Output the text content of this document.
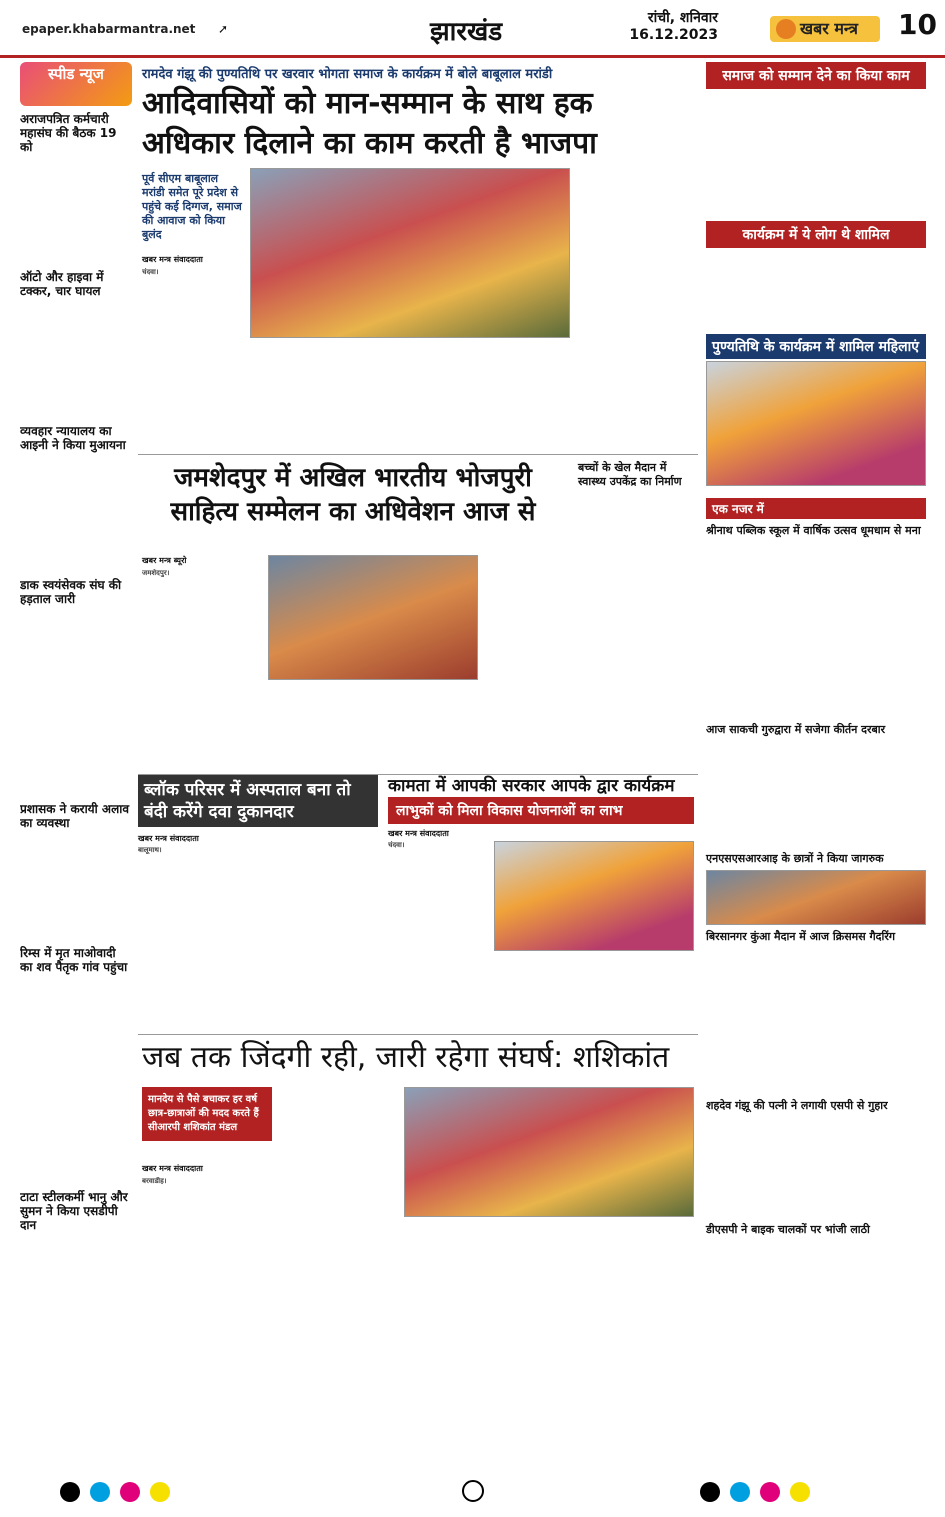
epaper.khabarmantra.net ➚	झारखंड	रांची, शनिवार
16.12.2023	खबर मन्त्र	10
स्पीड न्यूज
अराजपत्रित कर्मचारी महासंघ की बैठक 19 को
ऑटो और हाइवा में टक्कर, चार घायल
व्यवहार न्यायालय का आइनी ने किया मुआयना
डाक स्वयंसेवक संघ की हड़ताल जारी
प्रशासक ने करायी अलाव का व्यवस्था
रिम्स में मृत माओवादी का शव पैतृक गांव पहुंचा
टाटा स्टीलकर्मी भानु और सुमन ने किया एसडीपी दान
रामदेव गंझू की पुण्यतिथि पर खरवार भोगता समाज के कार्यक्रम में बोले बाबूलाल मरांडी
आदिवासियों को मान-सम्मान के साथ हक अधिकार दिलाने का काम करती है भाजपा
पूर्व सीएम बाबूलाल मरांडी समेत पूरे प्रदेश से पहुंचे कई दिग्गज, समाज की आवाज को किया बुलंद
खबर मन्त्र संवाददाता
चंदवा।
जमशेदपुर में अखिल भारतीय भोजपुरी साहित्य सम्मेलन का अधिवेशन आज से
खबर मन्त्र ब्यूरो
जमशेदपुर।
बच्चों के खेल मैदान में स्वास्थ्य उपकेंद्र का निर्माण
ब्लॉक परिसर में अस्पताल बना तो बंदी करेंगे दवा दुकानदार
खबर मन्त्र संवाददाता
बालूमाथ।
कामता में आपकी सरकार आपके द्वार कार्यक्रम
लाभुकों को मिला विकास योजनाओं का लाभ
खबर मन्त्र संवाददाता
चंदवा।
जब तक जिंदगी रही, जारी रहेगा संघर्ष: शशिकांत
मानदेय से पैसे बचाकर हर वर्ष छात्र-छात्राओं की मदद करते हैं सीआरपी शशिकांत मंडल
खबर मन्त्र संवाददाता
बरवाडीह।
समाज को सम्मान देने का किया काम
कार्यक्रम में ये लोग थे शामिल
पुण्यतिथि के कार्यक्रम में शामिल महिलाएं
एक नजर में
श्रीनाथ पब्लिक स्कूल में वार्षिक उत्सव धूमधाम से मना
आज साकची गुरुद्वारा में सजेगा कीर्तन दरबार
एनएसएसआरआइ के छात्रों ने किया जागरुक
बिरसानगर कुंआ मैदान में आज क्रिसमस गैदरिंग
शहदेव गंझू की पत्नी ने लगायी एसपी से गुहार
डीएसपी ने बाइक चालकों पर भांजी लाठी
